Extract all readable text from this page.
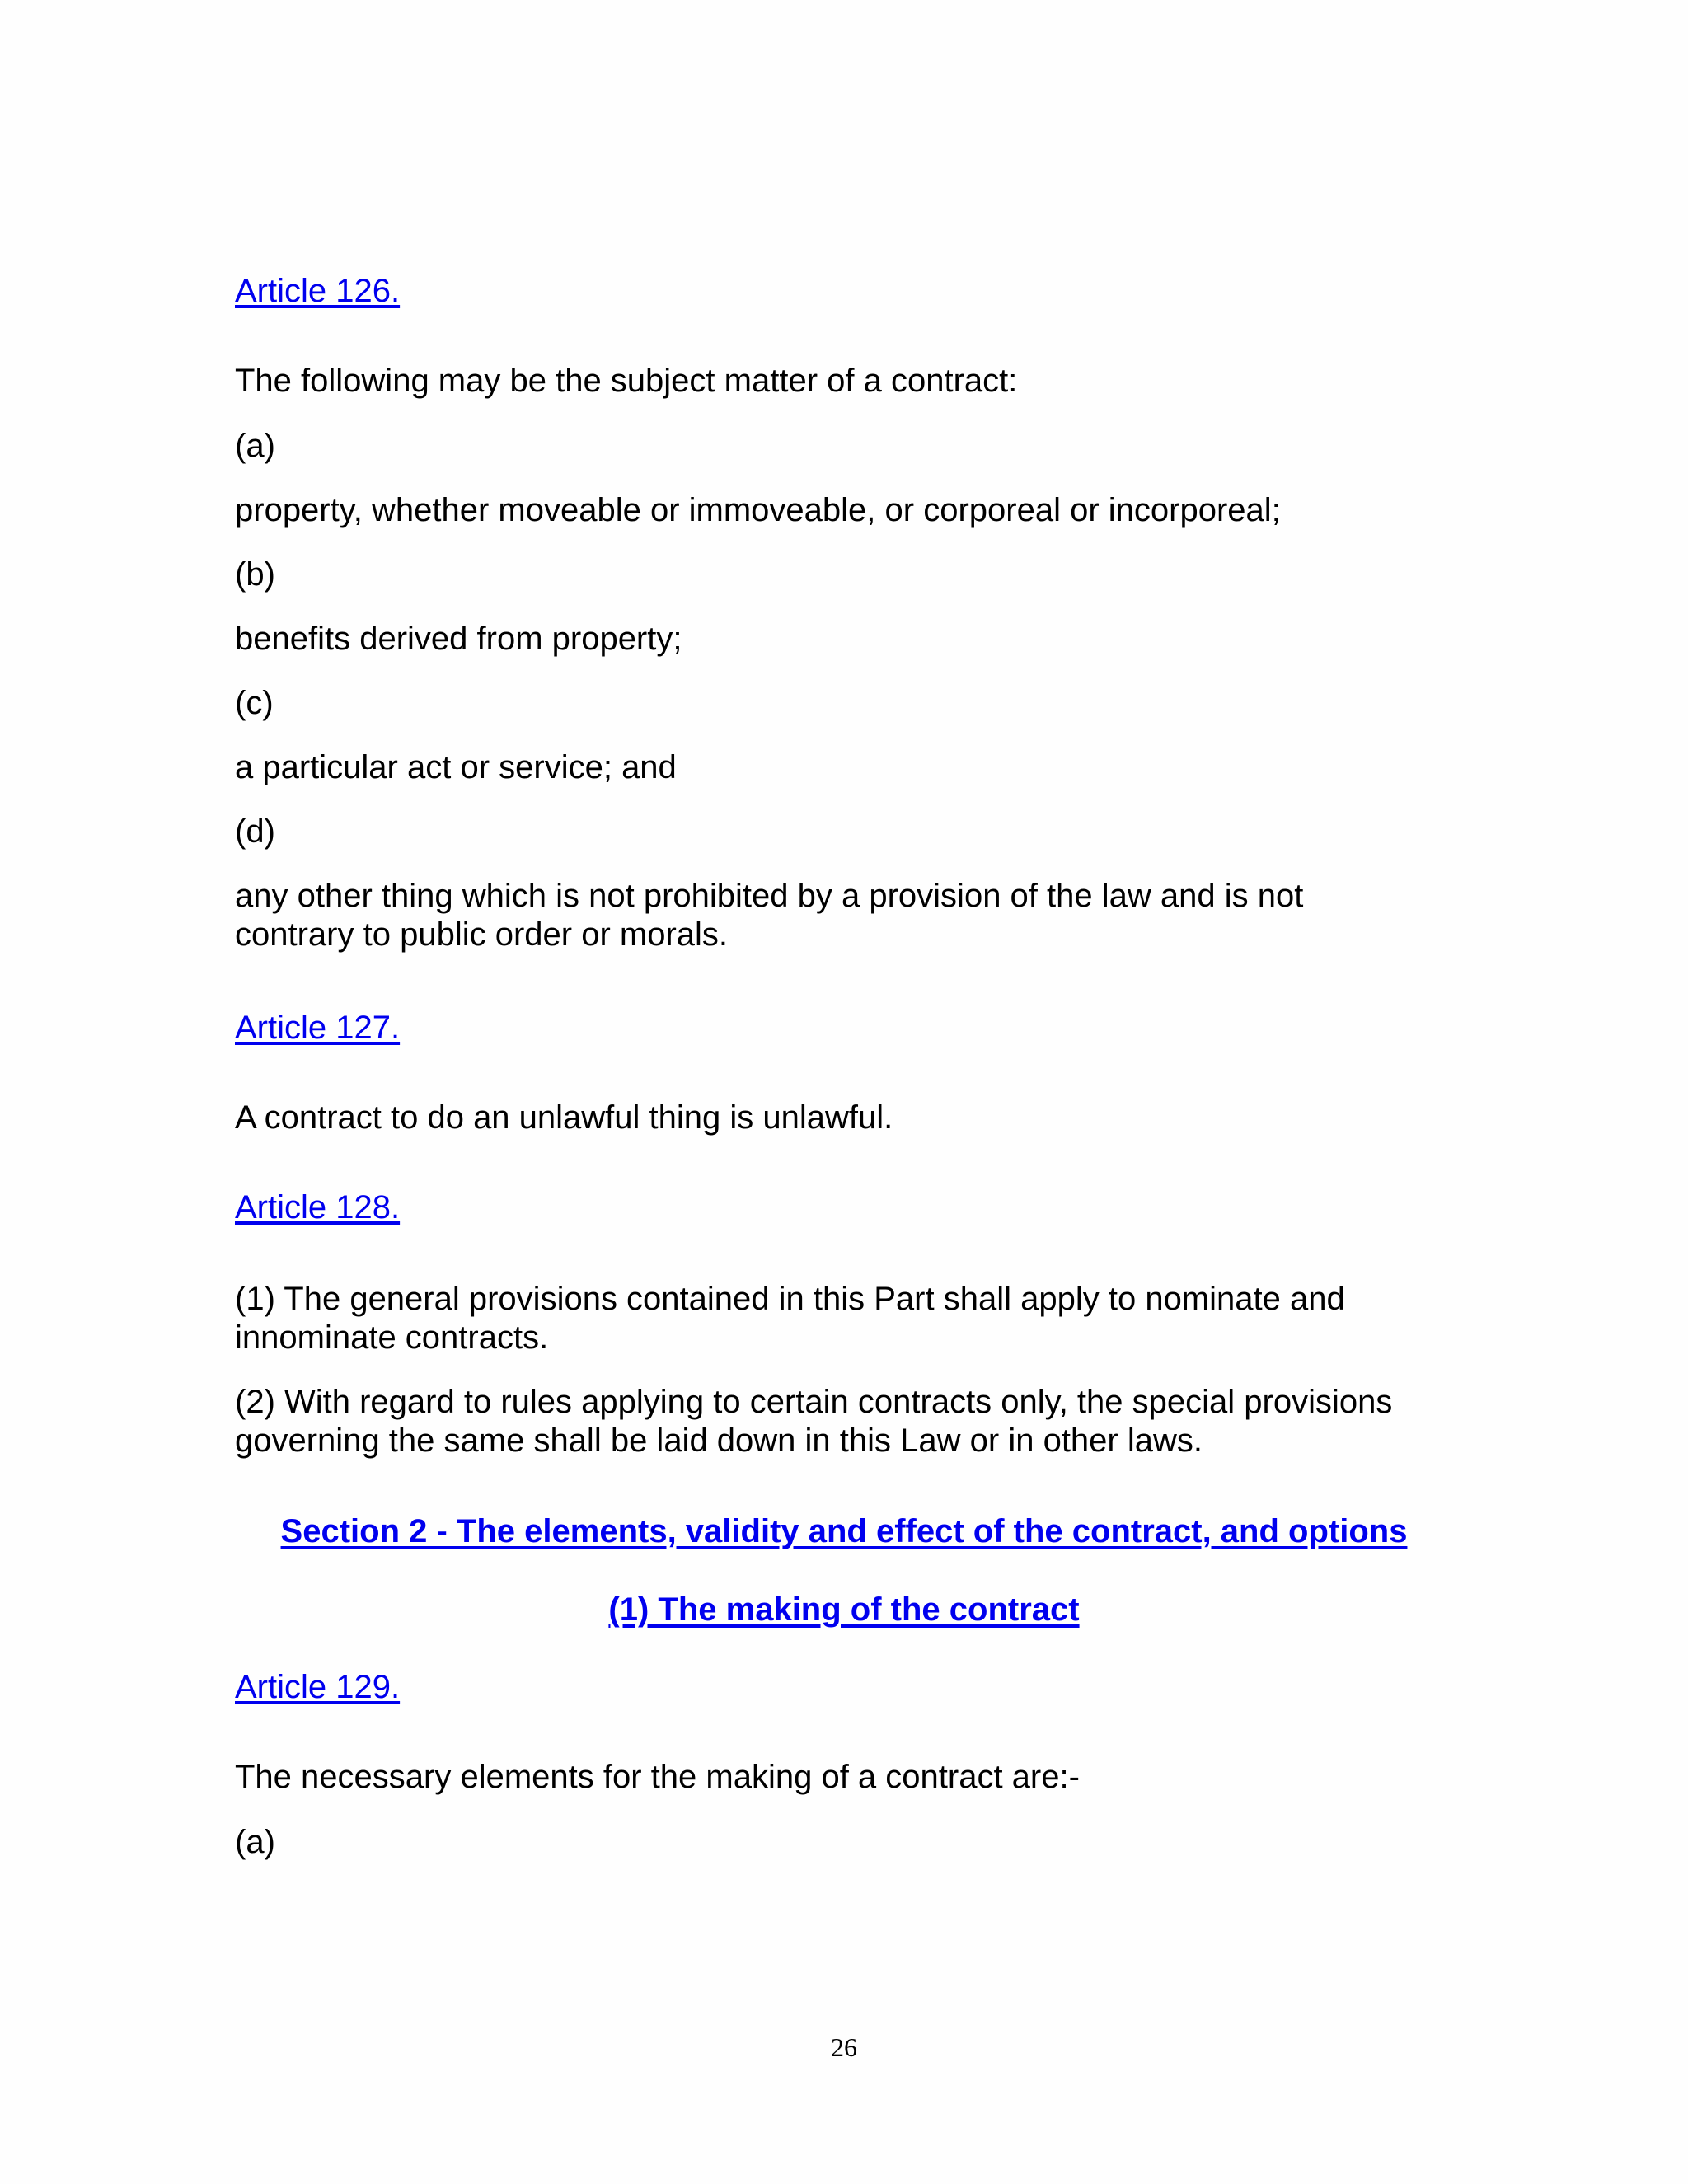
Article 126.

The following may be the subject matter of a contract:

(a)

property, whether moveable or immoveable, or corporeal or incorporeal;

(b)

benefits derived from property;

(c)

a particular act or service; and

(d)

any other thing which is not prohibited by a provision of the law and is not

contrary to public order or morals.

Article 127.

A contract to do an unlawful thing is unlawful.

Article 128.

(1) The general provisions contained in this Part shall apply to nominate and

innominate contracts.

(2) With regard to rules applying to certain contracts only, the special provisions

governing the same shall be laid down in this Law or in other laws.

Section 2 - The elements, validity and effect of the contract, and options

(1) The making of the contract

Article 129.

The necessary elements for the making of a contract are:-

(a)

26
